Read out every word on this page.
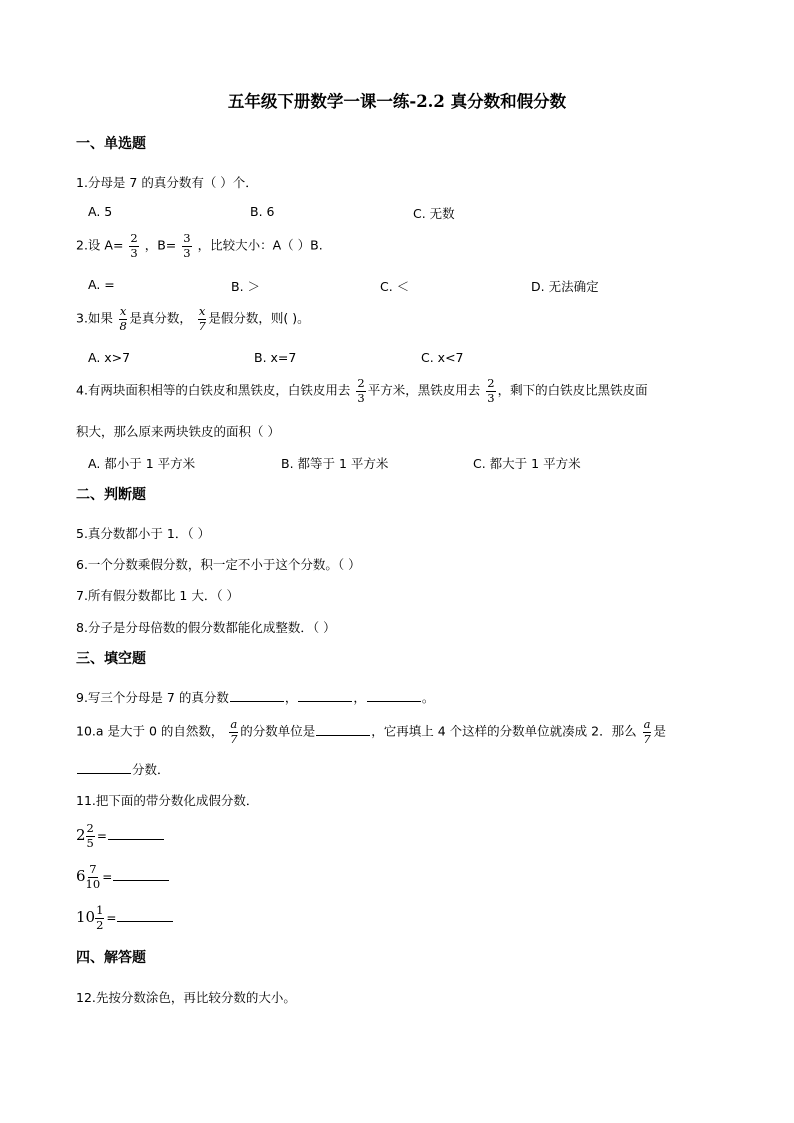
五年级下册数学一课一练-2.2 真分数和假分数
一、单选题
1.分母是 7 的真分数有（ ）个．
A. 5	B. 6	C. 无数
2.设 $A= \frac{2}{3}$ ，$B= \frac{3}{3}$ ，比较大小：A（ ）B.
A. =	B. ＞	C. ＜	D. 无法确定
3.如果 $\frac{x}{8}$ 是真分数， $\frac{x}{7}$ 是假分数，则( )。
A. x>7	B. x=7	C. x<7
4.有两块面积相等的白铁皮和黑铁皮，白铁皮用去 $\frac{2}{3}$ 平方米，黑铁皮用去 $\frac{2}{3}$ ，剩下的白铁皮比黑铁皮面
积大，那么原来两块铁皮的面积（ ）
A. 都小于 1 平方米	B. 都等于 1 平方米	C. 都大于 1 平方米
二、判断题
5.真分数都小于 1．（ ）
6.一个分数乘假分数，积一定不小于这个分数。（ ）
7.所有假分数都比 1 大．（ ）
8.分子是分母倍数的假分数都能化成整数．（ ）
三、填空题
9.写三个分母是 7 的真分数	，	，	。
10.a 是大于 0 的自然数， $\frac{a}{7}$ 的分数单位是	，它再填上 4 个这样的分数单位就凑成 2．那么 $\frac{a}{7}$ 是
分数．
11.把下面的带分数化成假分数．
$2 \frac{2}{5}$ =
$6 \frac{7}{10}$ =
$10 \frac{1}{2}$ =
四、解答题
12.先按分数涂色，再比较分数的大小。
